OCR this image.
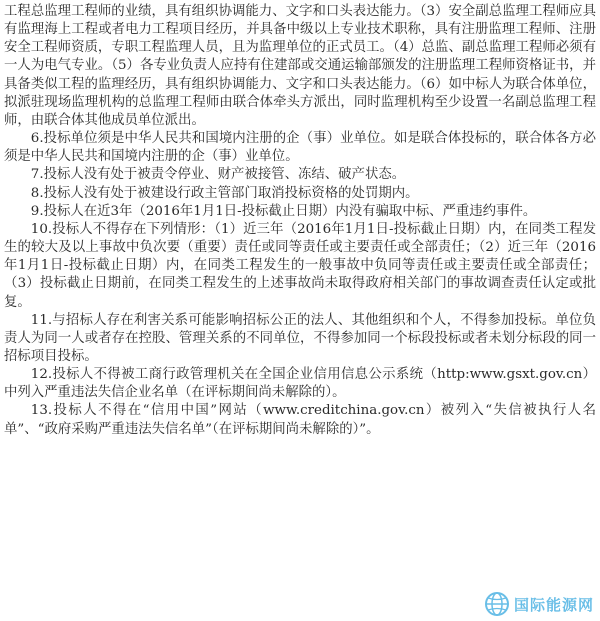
工程总监理工程师的业绩，具有组织协调能力、文字和口头表达能力。（3）安全副总监理工程师应具有监理海上工程或者电力工程项目经历，并具备中级以上专业技术职称，具有注册监理工程师、注册安全工程师资质，专职工程监理人员，且为监理单位的正式员工。（4）总监、副总监理工程师必须有一人为电气专业。（5）各专业负责人应持有住建部或交通运输部颁发的注册监理工程师资格证书，并具备类似工程的监理经历，具有组织协调能力、文字和口头表达能力。（6）如中标人为联合体单位，拟派驻现场监理机构的总监理工程师由联合体牵头方派出，同时监理机构至少设置一名副总监理工程师，由联合体其他成员单位派出。

6.投标单位须是中华人民共和国境内注册的企（事）业单位。如是联合体投标的，联合体各方必须是中华人民共和国境内注册的企（事）业单位。

7.投标人没有处于被责令停业、财产被接管、冻结、破产状态。

8.投标人没有处于被建设行政主管部门取消投标资格的处罚期内。

9.投标人在近3年（2016年1月1日-投标截止日期）内没有骗取中标、严重违约事件。

10.投标人不得存在下列情形：（1）近三年（2016年1月1日-投标截止日期）内，在同类工程发生的较大及以上事故中负次要（重要）责任或同等责任或主要责任或全部责任；（2）近三年（2016年1月1日-投标截止日期）内，在同类工程发生的一般事故中负同等责任或主要责任或全部责任；（3）投标截止日期前，在同类工程发生的上述事故尚未取得政府相关部门的事故调查责任认定或批复。

11.与招标人存在利害关系可能影响招标公正的法人、其他组织和个人，不得参加投标。单位负责人为同一人或者存在控股、管理关系的不同单位，不得参加同一个标段投标或者未划分标段的同一招标项目投标。

12.投标人不得被工商行政管理机关在全国企业信用信息公示系统（http:www.gsxt.gov.cn）中列入严重违法失信企业名单（在评标期间尚未解除的）。

13.投标人不得在“信用中国”网站（www.creditchina.gov.cn）被列入“失信被执行人名单”、“政府采购严重违法失信名单”（在评标期间尚未解除的）”。

国际能源网
